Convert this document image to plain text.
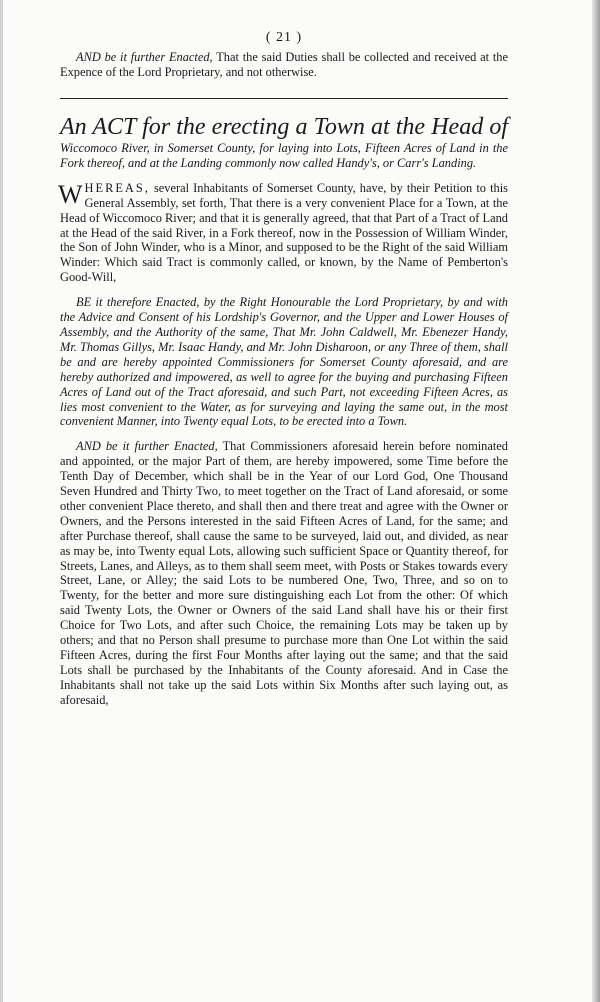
( 21 )

AND be it further Enacted, That the said Duties shall be collected and received at the Expence of the Lord Proprietary, and not otherwise.

An ACT for the erecting a Town at the Head of Wiccomoco River, in Somerset County, for laying into Lots, Fifteen Acres of Land in the Fork thereof, and at the Landing commonly now called Handy's, or Carr's Landing.

WHEREAS, several Inhabitants of Somerset County, have, by their Petition to this General Assembly, set forth, That there is a very convenient Place for a Town, at the Head of Wiccomoco River; and that it is generally agreed, that that Part of a Tract of Land at the Head of the said River, in a Fork thereof, now in the Possession of William Winder, the Son of John Winder, who is a Minor, and supposed to be the Right of the said William Winder: Which said Tract is commonly called, or known, by the Name of Pemberton's Good-Will,

BE it therefore Enacted, by the Right Honourable the Lord Proprietary, by and with the Advice and Consent of his Lordship's Governor, and the Upper and Lower Houses of Assembly, and the Authority of the same, That Mr. John Caldwell, Mr. Ebenezer Handy, Mr. Thomas Gillys, Mr. Isaac Handy, and Mr. John Disharoon, or any Three of them, shall be and are hereby appointed Commissioners for Somerset County aforesaid, and are hereby authorized and impowered, as well to agree for the buying and purchasing Fifteen Acres of Land out of the Tract aforesaid, and such Part, not exceeding Fifteen Acres, as lies most convenient to the Water, as for surveying and laying the same out, in the most convenient Manner, into Twenty equal Lots, to be erected into a Town.

AND be it further Enacted, That Commissioners aforesaid herein before nominated and appointed, or the major Part of them, are hereby impowered, some Time before the Tenth Day of December, which shall be in the Year of our Lord God, One Thousand Seven Hundred and Thirty Two, to meet together on the Tract of Land aforesaid, or some other convenient Place thereto, and shall then and there treat and agree with the Owner or Owners, and the Persons interested in the said Fifteen Acres of Land, for the same; and after Purchase thereof, shall cause the same to be surveyed, laid out, and divided, as near as may be, into Twenty equal Lots, allowing such sufficient Space or Quantity thereof, for Streets, Lanes, and Alleys, as to them shall seem meet, with Posts or Stakes towards every Street, Lane, or Alley; the said Lots to be numbered One, Two, Three, and so on to Twenty, for the better and more sure distinguishing each Lot from the other: Of which said Twenty Lots, the Owner or Owners of the said Land shall have his or their first Choice for Two Lots, and after such Choice, the remaining Lots may be taken up by others; and that no Person shall presume to purchase more than One Lot within the said Fifteen Acres, during the first Four Months after laying out the same; and that the said Lots shall be purchased by the Inhabitants of the County aforesaid. And in Case the Inhabitants shall not take up the said Lots within Six Months after such laying out, as aforesaid,
